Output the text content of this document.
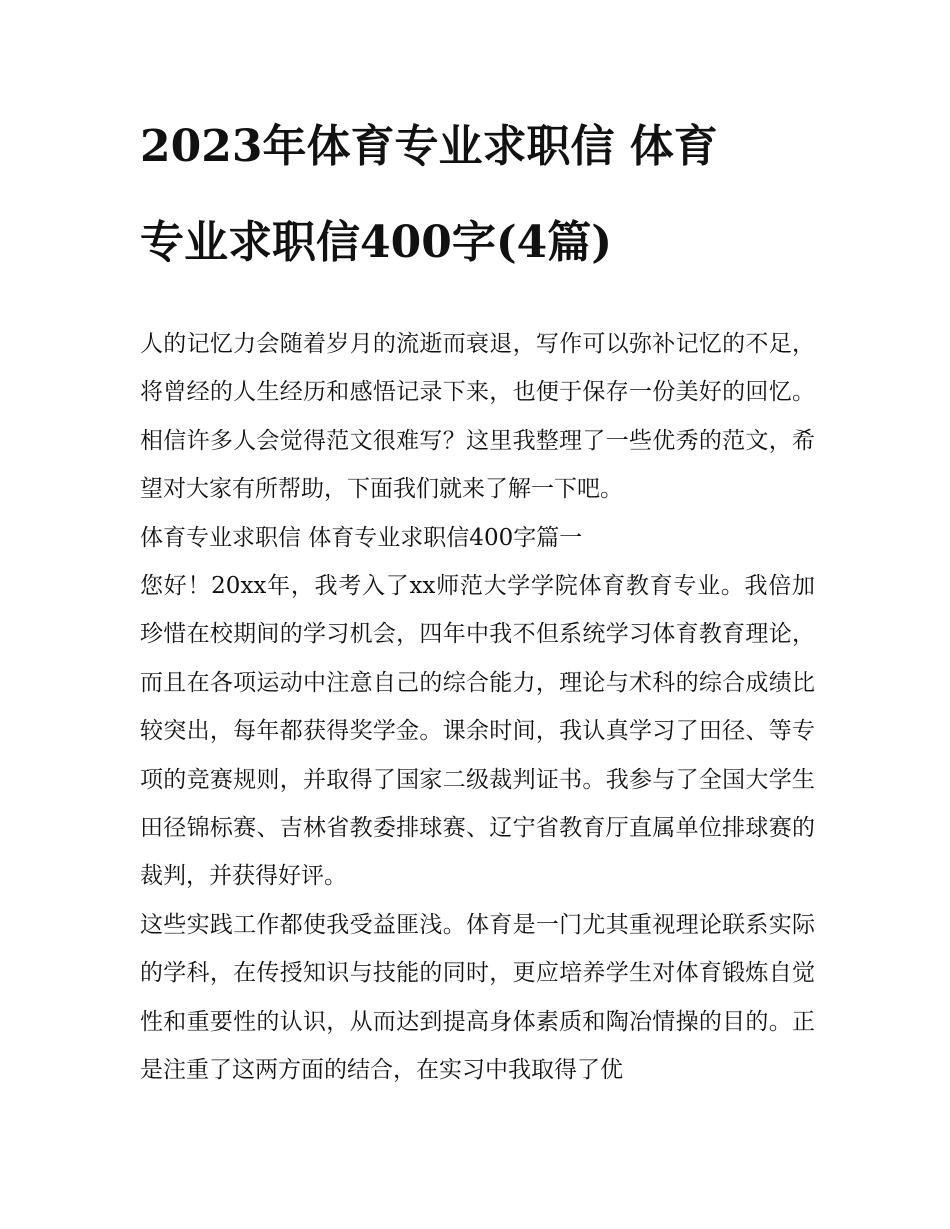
2023年体育专业求职信 体育
专业求职信400字(4篇)

人的记忆力会随着岁月的流逝而衰退，写作可以弥补记忆的不足，将曾经的人生经历和感悟记录下来，也便于保存一份美好的回忆。相信许多人会觉得范文很难写？这里我整理了一些优秀的范文，希望对大家有所帮助，下面我们就来了解一下吧。

体育专业求职信 体育专业求职信400字篇一

您好！20xx年，我考入了xx师范大学学院体育教育专业。我倍加珍惜在校期间的学习机会，四年中我不但系统学习体育教育理论，而且在各项运动中注意自己的综合能力，理论与术科的综合成绩比较突出，每年都获得奖学金。课余时间，我认真学习了田径、等专项的竞赛规则，并取得了国家二级裁判证书。我参与了全国大学生田径锦标赛、吉林省教委排球赛、辽宁省教育厅直属单位排球赛的裁判，并获得好评。

这些实践工作都使我受益匪浅。体育是一门尤其重视理论联系实际的学科，在传授知识与技能的同时，更应培养学生对体育锻炼自觉性和重要性的认识，从而达到提高身体素质和陶冶情操的目的。正是注重了这两方面的结合，在实习中我取得了优
